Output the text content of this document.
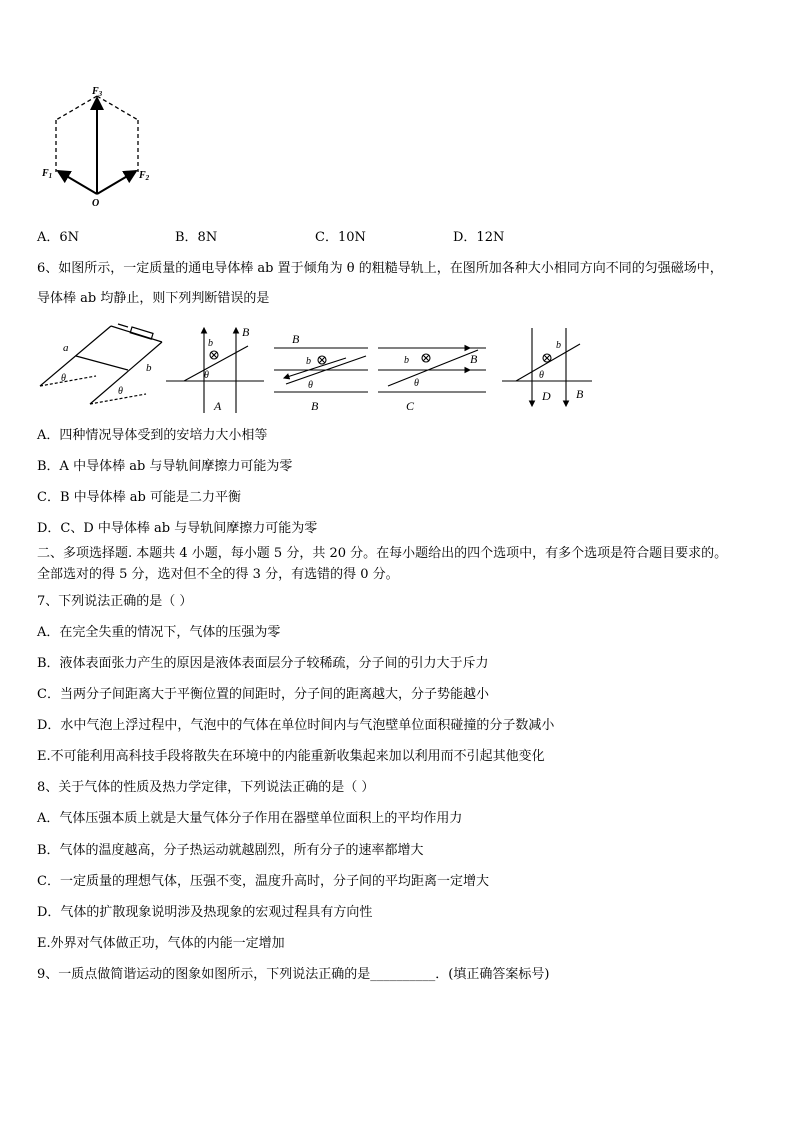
$F_3$
$F_1$	$F_2$
O
A．6N	B．8N	C．10N	D．12N
6、如图所示，一定质量的通电导体棒 ab 置于倾角为 θ 的粗糙导轨上，在图所加各种大小相同方向不同的匀强磁场中，
导体棒 ab 均静止，则下列判断错误的是
a
b
θ
θ
b
B
θ
A
B
b
θ
B
b	B
θ
C
b
θ
D B
A．四种情况导体受到的安培力大小相等
B．A 中导体棒 ab 与导轨间摩擦力可能为零
C．B 中导体棒 ab 可能是二力平衡
D．C、D 中导体棒 ab 与导轨间摩擦力可能为零
二、多项选择题. 本题共 4 小题，每小题 5 分，共 20 分。在每小题给出的四个选项中，有多个选项是符合题目要求的。
全部选对的得 5 分，选对但不全的得 3 分，有选错的得 0 分。
7、下列说法正确的是（ ）
A．在完全失重的情况下，气体的压强为零
B．液体表面张力产生的原因是液体表面层分子较稀疏，分子间的引力大于斥力
C．当两分子间距离大于平衡位置的间距时，分子间的距离越大，分子势能越小
D．水中气泡上浮过程中，气泡中的气体在单位时间内与气泡壁单位面积碰撞的分子数减小
E.不可能利用高科技手段将散失在环境中的内能重新收集起来加以利用而不引起其他变化
8、关于气体的性质及热力学定律，下列说法正确的是（ ）
A．气体压强本质上就是大量气体分子作用在器壁单位面积上的平均作用力
B．气体的温度越高，分子热运动就越剧烈，所有分子的速率都增大
C．一定质量的理想气体，压强不变，温度升高时，分子间的平均距离一定增大
D．气体的扩散现象说明涉及热现象的宏观过程具有方向性
E.外界对气体做正功，气体的内能一定增加
9、一质点做简谐运动的图象如图所示，下列说法正确的是__________．(填正确答案标号)
